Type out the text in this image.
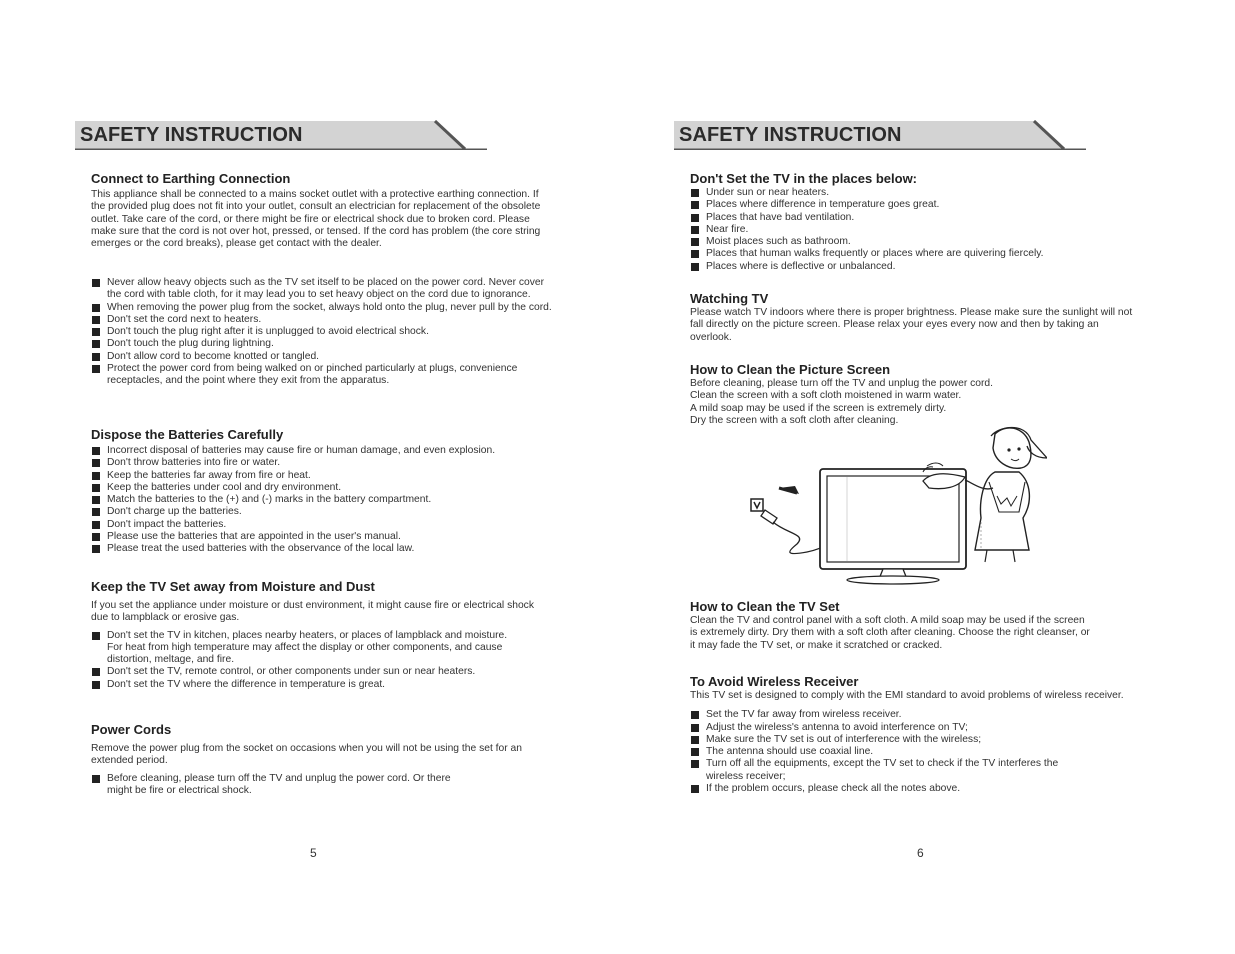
SAFETY INSTRUCTION
Connect to Earthing Connection

This appliance shall be connected to a mains socket outlet with a protective earthing connection. If the provided plug does not fit into your outlet, consult an electrician for replacement of the obsolete outlet. Take care of the cord, or there might be fire or electrical shock due to broken cord. Please make sure that the cord is not over hot, pressed, or tensed. If the cord has problem (the core string emerges or the cord breaks), please get contact with the dealer.

Never allow heavy objects such as the TV set itself to be placed on the power cord. Never cover the cord with table cloth, for it may lead you to set heavy object on the cord due to ignorance.
When removing the power plug from the socket, always hold onto the plug, never pull by the cord.
Don't set the cord next to heaters.
Don't touch the plug right after it is unplugged to avoid electrical shock.
Don't touch the plug during lightning.
Don't allow cord to become knotted or tangled.
Protect the power cord from being walked on or pinched particularly at plugs, convenience receptacles, and the point where they exit from the apparatus.
Dispose the Batteries Carefully
Incorrect disposal of batteries may cause fire or human damage, and even explosion.
Don't throw batteries into fire or water.
Keep the batteries far away from fire or heat.
Keep the batteries under cool and dry environment.
Match the batteries to the (+) and (-) marks in the battery compartment.
Don't charge up the batteries.
Don't impact the batteries.
Please use the batteries that are appointed in the user's manual.
Please treat the used batteries with the observance of the local law.
Keep the TV Set away from Moisture and Dust

If you set the appliance under moisture or dust environment, it might cause fire or electrical shock due to lampblack or erosive gas.

Don't set the TV in kitchen, places nearby heaters, or places of lampblack and moisture. For heat from high temperature may affect the display or other components, and cause distortion, meltage, and fire.
Don't set the TV, remote control, or other components under sun or near heaters.
Don't set the TV where the difference in temperature is great.
Power Cords

Remove the power plug from the socket on occasions when you will not be using the set for an extended period.

Before cleaning, please turn off the TV and unplug the power cord. Or there might be fire or electrical shock.
5
SAFETY INSTRUCTION
Don't Set the TV in the places below:
Under sun or near heaters.
Places where difference in temperature goes great.
Places that have bad ventilation.
Near fire.
Moist places such as bathroom.
Places that human walks frequently or places where are quivering fiercely.
Places where is deflective or unbalanced.
Watching TV

Please watch TV indoors where there is proper brightness. Please make sure the sunlight will not fall directly on the picture screen. Please relax your eyes every now and then by taking an overlook.

How to Clean the Picture Screen

Before cleaning, please turn off the TV and unplug the power cord.

Clean the screen with a soft cloth moistened in warm water.

A mild soap may be used if the screen is extremely dirty.

Dry the screen with a soft cloth after cleaning.

How to Clean the TV Set

Clean the TV and control panel with a soft cloth. A mild soap may be used if the screen is extremely dirty. Dry them with a soft cloth after cleaning. Choose the right cleanser, or it may fade the TV set, or make it scratched or cracked.

To Avoid Wireless Receiver

This TV set is designed to comply with the EMI standard to avoid problems of wireless receiver.

Set the TV far away from wireless receiver.
Adjust the wireless's antenna to avoid interference on TV;
Make sure the TV set is out of interference with the wireless;
The antenna should use coaxial line.
Turn off all the equipments, except the TV set to check if the TV interferes the wireless receiver;
If the problem occurs, please check all the notes above.
6
